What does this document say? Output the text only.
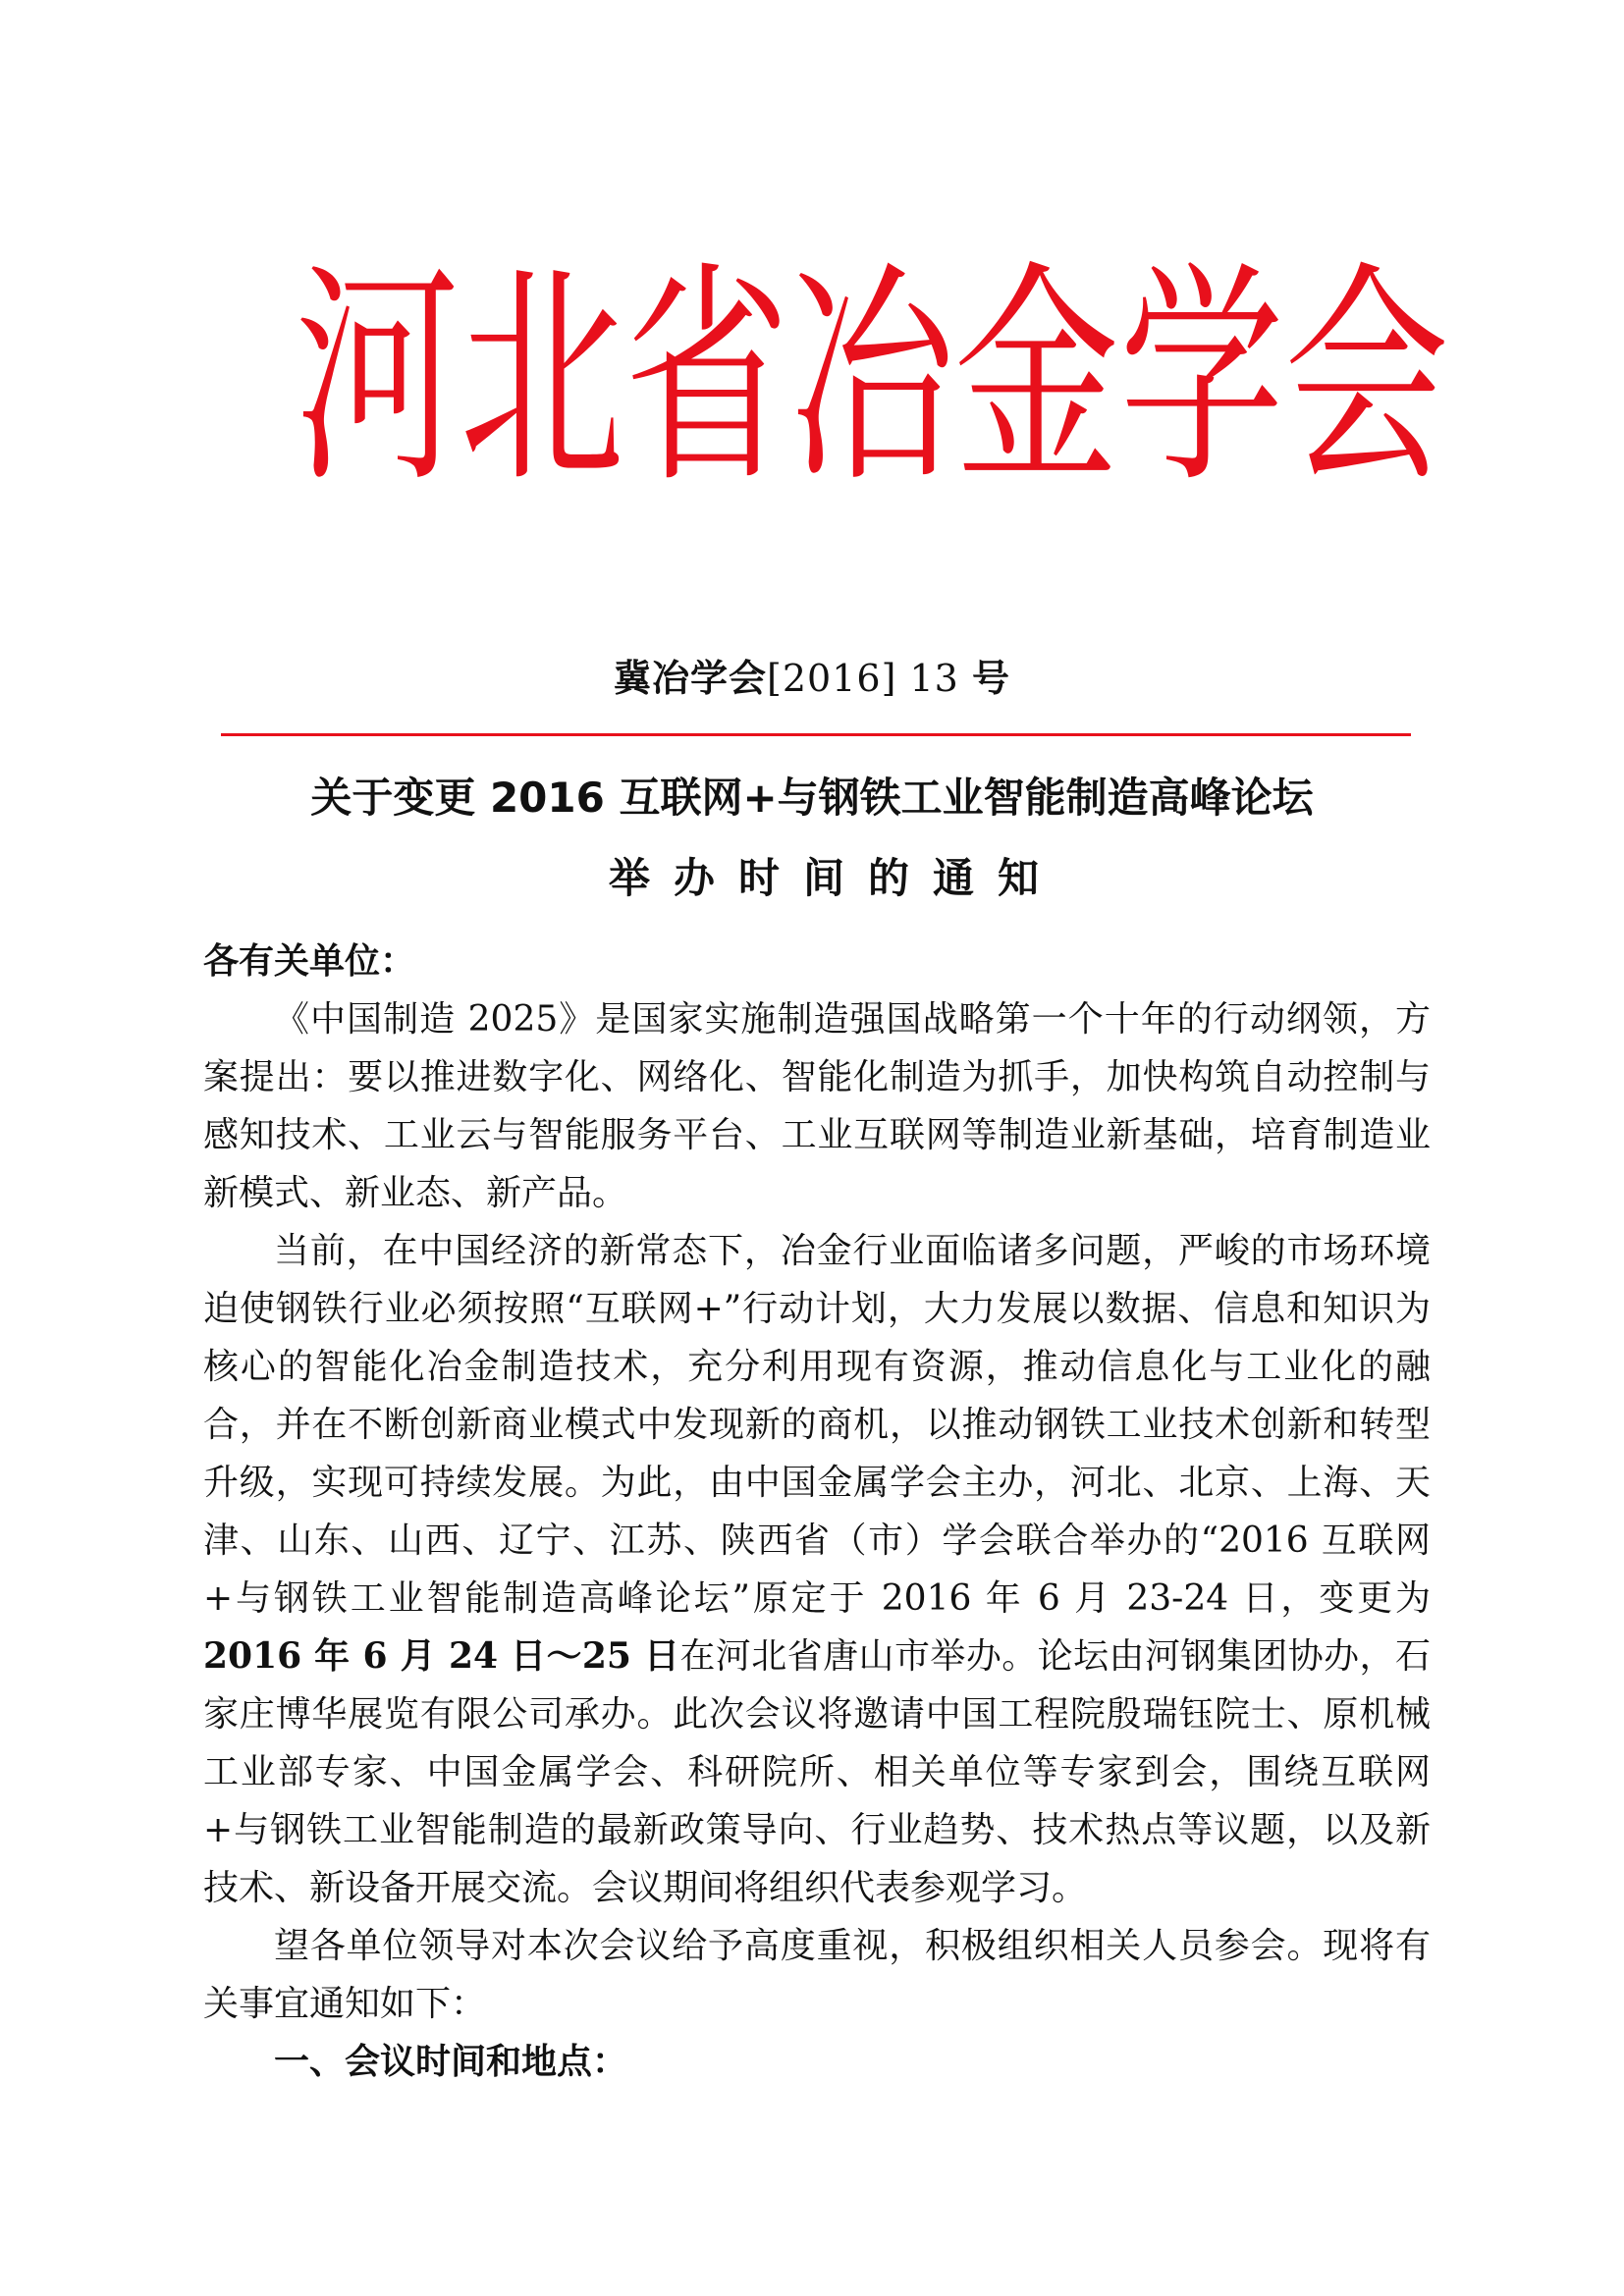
河 北 省 冶 金 学 会
冀冶学会[2016] 13 号
关于变更 2016 互联网+与钢铁工业智能制造高峰论坛
举办时间的通知

各有关单位：

《中国制造 2025》是国家实施制造强国战略第一个十年的行动纲领，方案提出：要以推进数字化、网络化、智能化制造为抓手，加快构筑自动控制与感知技术、工业云与智能服务平台、工业互联网等制造业新基础，培育制造业新模式、新业态、新产品。

当前，在中国经济的新常态下，冶金行业面临诸多问题，严峻的市场环境迫使钢铁行业必须按照“互联网+”行动计划，大力发展以数据、信息和知识为核心的智能化冶金制造技术，充分利用现有资源，推动信息化与工业化的融合，并在不断创新商业模式中发现新的商机，以推动钢铁工业技术创新和转型升级，实现可持续发展。为此，由中国金属学会主办，河北、北京、上海、天津、山东、山西、辽宁、江苏、陕西省（市）学会联合举办的“2016 互联网+与钢铁工业智能制造高峰论坛”原定于 2016 年 6 月 23-24 日，变更为2016 年 6 月 24 日～25 日在河北省唐山市举办。论坛由河钢集团协办，石家庄博华展览有限公司承办。此次会议将邀请中国工程院殷瑞钰院士、原机械工业部专家、中国金属学会、科研院所、相关单位等专家到会，围绕互联网+与钢铁工业智能制造的最新政策导向、行业趋势、技术热点等议题，以及新技术、新设备开展交流。会议期间将组织代表参观学习。

望各单位领导对本次会议给予高度重视，积极组织相关人员参会。现将有关事宜通知如下：

一、会议时间和地点：
